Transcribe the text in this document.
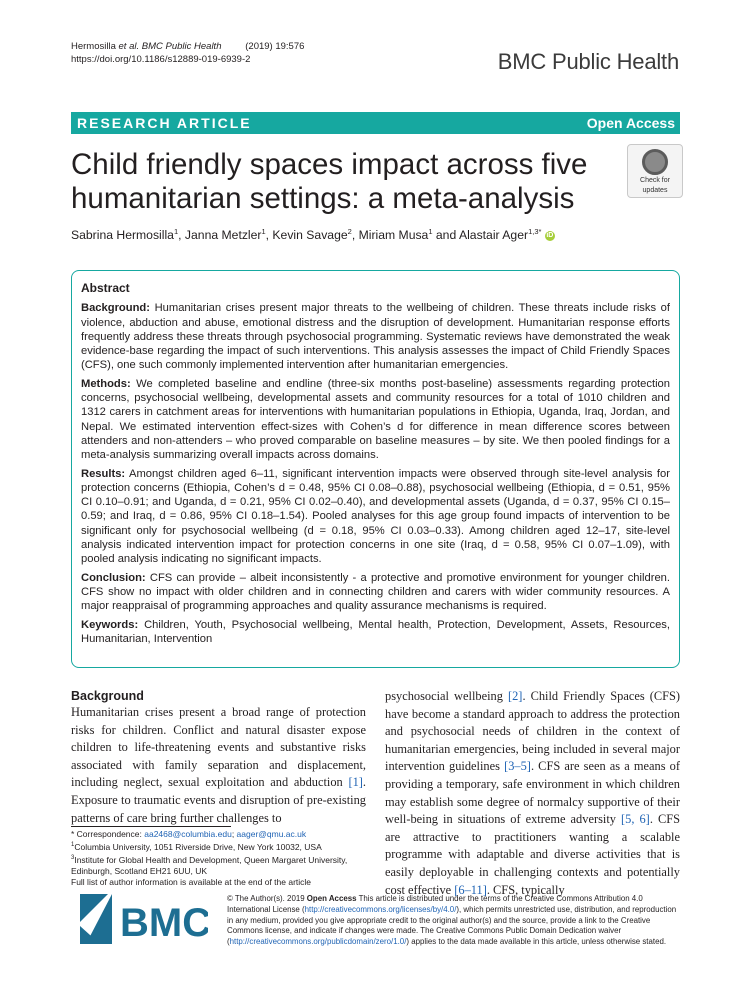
Hermosilla et al. BMC Public Health	(2019) 19:576
https://doi.org/10.1186/s12889-019-6939-2	BMC Public Health
RESEARCH ARTICLE	Open Access
Child friendly spaces impact across five
humanitarian settings: a meta-analysis
Check for
updates
Sabrina Hermosilla$^1$, Janna Metzler$^1$, Kevin Savage$^2$, Miriam Musa$^1$ and Alastair Ager$^{1,3*}$ iD
Abstract

Background: Humanitarian crises present major threats to the wellbeing of children. These threats include risks of violence, abduction and abuse, emotional distress and the disruption of development. Humanitarian response efforts frequently address these threats through psychosocial programming. Systematic reviews have demonstrated the weak evidence-base regarding the impact of such interventions. This analysis assesses the impact of Child Friendly Spaces (CFS), one such commonly implemented intervention after humanitarian emergencies.

Methods: We completed baseline and endline (three-six months post-baseline) assessments regarding protection concerns, psychosocial wellbeing, developmental assets and community resources for a total of 1010 children and 1312 carers in catchment areas for interventions with humanitarian populations in Ethiopia, Uganda, Iraq, Jordan, and Nepal. We estimated intervention effect-sizes with Cohen’s d for difference in mean difference scores between attenders and non-attenders – who proved comparable on baseline measures – by site. We then pooled findings for a meta-analysis summarizing overall impacts across domains.

Results: Amongst children aged 6–11, significant intervention impacts were observed through site-level analysis for protection concerns (Ethiopia, Cohen’s d = 0.48, 95% CI 0.08–0.88), psychosocial wellbeing (Ethiopia, d = 0.51, 95% CI 0.10–0.91; and Uganda, d = 0.21, 95% CI 0.02–0.40), and developmental assets (Uganda, d = 0.37, 95% CI 0.15–0.59; and Iraq, d = 0.86, 95% CI 0.18–1.54). Pooled analyses for this age group found impacts of intervention to be significant only for psychosocial wellbeing (d = 0.18, 95% CI 0.03–0.33). Among children aged 12–17, site-level analysis indicated intervention impact for protection concerns in one site (Iraq, d = 0.58, 95% CI 0.07–1.09), with pooled analysis indicating no significant impacts.

Conclusion: CFS can provide – albeit inconsistently - a protective and promotive environment for younger children. CFS show no impact with older children and in connecting children and carers with wider community resources. A major reappraisal of programming approaches and quality assurance mechanisms is required.

Keywords: Children, Youth, Psychosocial wellbeing, Mental health, Protection, Development, Assets, Resources, Humanitarian, Intervention

Background

Humanitarian crises present a broad range of protection risks for children. Conflict and natural disaster expose children to life-threatening events and substantive risks associated with family separation and displacement, including neglect, sexual exploitation and abduction [1]. Exposure to traumatic events and disruption of pre-existing patterns of care bring further challenges to

psychosocial wellbeing [2]. Child Friendly Spaces (CFS) have become a standard approach to address the protection and psychosocial needs of children in the context of humanitarian emergencies, being included in several major intervention guidelines [3–5]. CFS are seen as a means of providing a temporary, safe environment in which children may establish some degree of normalcy supportive of their well-being in situations of extreme adversity [5, 6]. CFS are attractive to practitioners wanting a scalable programme with adaptable and diverse activities that is easily deployable in challenging contexts and potentially cost effective [6–11]. CFS, typically

* Correspondence: aa2468@columbia.edu; aager@qmu.ac.uk
$^1$Columbia University, 1051 Riverside Drive, New York 10032, USA
$^3$Institute for Global Health and Development, Queen Margaret University, Edinburgh, Scotland EH21 6UU, UK
Full list of author information is available at the end of the article
BMC
© The Author(s). 2019 Open Access This article is distributed under the terms of the Creative Commons Attribution 4.0 International License (http://creativecommons.org/licenses/by/4.0/), which permits unrestricted use, distribution, and reproduction in any medium, provided you give appropriate credit to the original author(s) and the source, provide a link to the Creative Commons license, and indicate if changes were made. The Creative Commons Public Domain Dedication waiver (http://creativecommons.org/publicdomain/zero/1.0/) applies to the data made available in this article, unless otherwise stated.
